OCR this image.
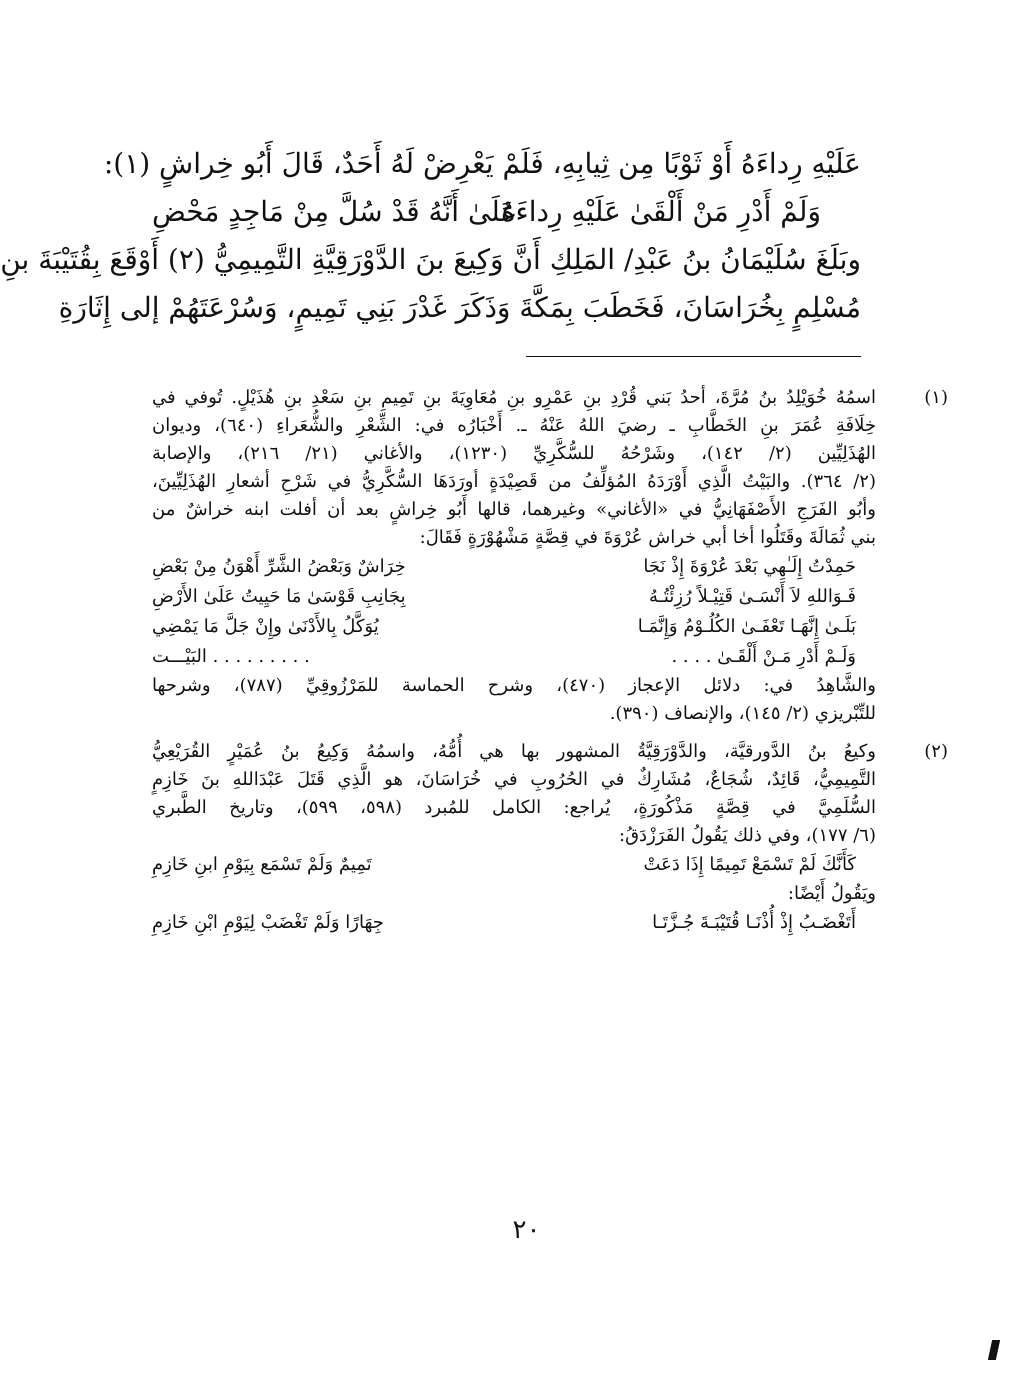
عَلَيْهِ رِداءَهُ أَوْ ثَوْبًا مِن ثِيابِهِ، فَلَمْ يَعْرِضْ لَهُ أَحَدٌ، قَالَ أَبُو خِراشٍ (١):
وَلَمْ أَدْرِ مَنْ أَلْقَىٰ عَلَيْهِ رِداءَهُ
عَلَىٰ أَنَّهُ قَدْ سُلَّ مِنْ مَاجِدٍ مَحْضِ
وبَلَغَ سُلَيْمَانُ بنُ عَبْدِ/ المَلِكِ أَنَّ وَكِيعَ بنَ الدَّوْرَقِيَّةِ التَّمِيمِيُّ (٢) أَوْقَعَ بِقُتَيْبَةَ بنِ
مُسْلِمٍ بِخُرَاسَانَ، فَخَطَبَ بِمَكَّةَ وَذَكَرَ غَدْرَ بَنِي تَمِيمٍ، وَسُرْعَتَهُمْ إلى إِثَارَةِ
(١)
اسمُهُ خُوَيْلِدُ بنُ مُرَّةَ، أحدُ بَني قُرْدِ بنِ عَمْرِو بنِ مُعَاوِيَةَ بنِ تَمِيمِ بنِ سَعْدِ بنِ هُذَيْلٍ. تُوفي في
خِلَافَةِ عُمَرَ بنِ الخَطَّابِ ـ رضيَ اللهُ عَنْهُ ـ. أَخْبَارُه في: الشِّعْرِ والشُّعَراءِ (٦٤٠)، وديوان
الهُذَلِيِّين (٢/ ١٤٢)، وشَرْحُهُ للسُّكَّرِيِّ (١٢٣٠)، والأغاني (٢١/ ٢١٦)، والإصابة
(٢/ ٣٦٤). والبَيْتُ الَّذِي أَوْرَدَهُ المُؤلِّفُ من قَصِيْدَةٍ أورَدَهَا السُّكَّرِيُّ في شَرْحِ أشعارِ الهُذَلِيِّينَ،
وأبُو الفَرَجِ الأَصْفَهَانِيُّ في «الأغاني» وغيرهما، قالها أَبُو خِراشٍ بعد أن أفلت ابنه خراشٌ من
بني ثُمَالَةَ وقَتَلُوا أخا أبي خراش عُرْوَةَ في قِصَّةٍ مَشْهُوْرَةٍ فَقَالَ:
حَمِدْتُ إِلَـٰهِي بَعْدَ عُرْوَةَ إِذْ نَجَا
خِرَاشٌ وَبَعْضُ الشَّرِّ أَهْوَنُ مِنْ بَعْضِ
فَـوَاللهِ لاَ أَنْسَـىٰ قَتِيْـلاً رُزِئْتُـهُ
بِجَانِبِ قَوْسَىٰ مَا حَيِيتُ عَلَىٰ الأَرْضِ
بَلَـىٰ إِنَّهَـا تَعْفَـىٰ الكُلُـوْمُ وَإِنَّمَـا
يُوَكَّلُ بِالأَدْنَىٰ وإِنْ جَلَّ مَا يَمْضِي
وَلَـمْ أَدْرِ مَـنْ أَلْقَـىٰ . . . .
. . . . . . . . . البَيْـــت
والشَّاهِدُ في: دلائل الإعجاز (٤٧٠)، وشرح الحماسة للمَرْزُوقِيِّ (٧٨٧)، وشرحها
للتِّبْريزي (٢/ ١٤٥)، والإنصاف (٣٩٠).
(٢)
وكيعُ بنُ الدَّورقيَّة، والدَّوْرَقِيَّةُ المشهور بها هي أُمُّهُ، واسمُهُ وَكِيعُ بنُ عُمَيْرٍ القُرَيْعِيُّ
التَّمِيمِيُّ، قَائِدٌ، شُجَاعٌ، مُشَارِكٌ في الحُرُوبِ في خُرَاسَانَ، هو الَّذِي قَتَلَ عَبْدَاللهِ بنَ خَازِمٍ
السُّلَمِيَّ في قِصَّةٍ مَذْكُورَةٍ، يُراجع: الكامل للمُبرد (٥٩٨، ٥٩٩)، وتاريخ الطَّبري
(٦/ ١٧٧)، وفي ذلك يَقُولُ الفَرَزْدَقُ:
كَأَنَّكَ لَمْ تَسْمَعْ تَمِيمًا إِذَا دَعَتْ
تَمِيمٌ وَلَمْ تَسْمَع بِيَوْمِ ابنِ خَازِمِ
ويَقُولُ أَيْضًا:
أَتَغْضَـبُ إِذْ أُذْنَـا قُتَيْبَـةَ جُـزَّتَـا
جِهَارًا وَلَمْ تَغْضَبْ لِيَوْمِ ابْنِ خَازِمِ
٢٠
